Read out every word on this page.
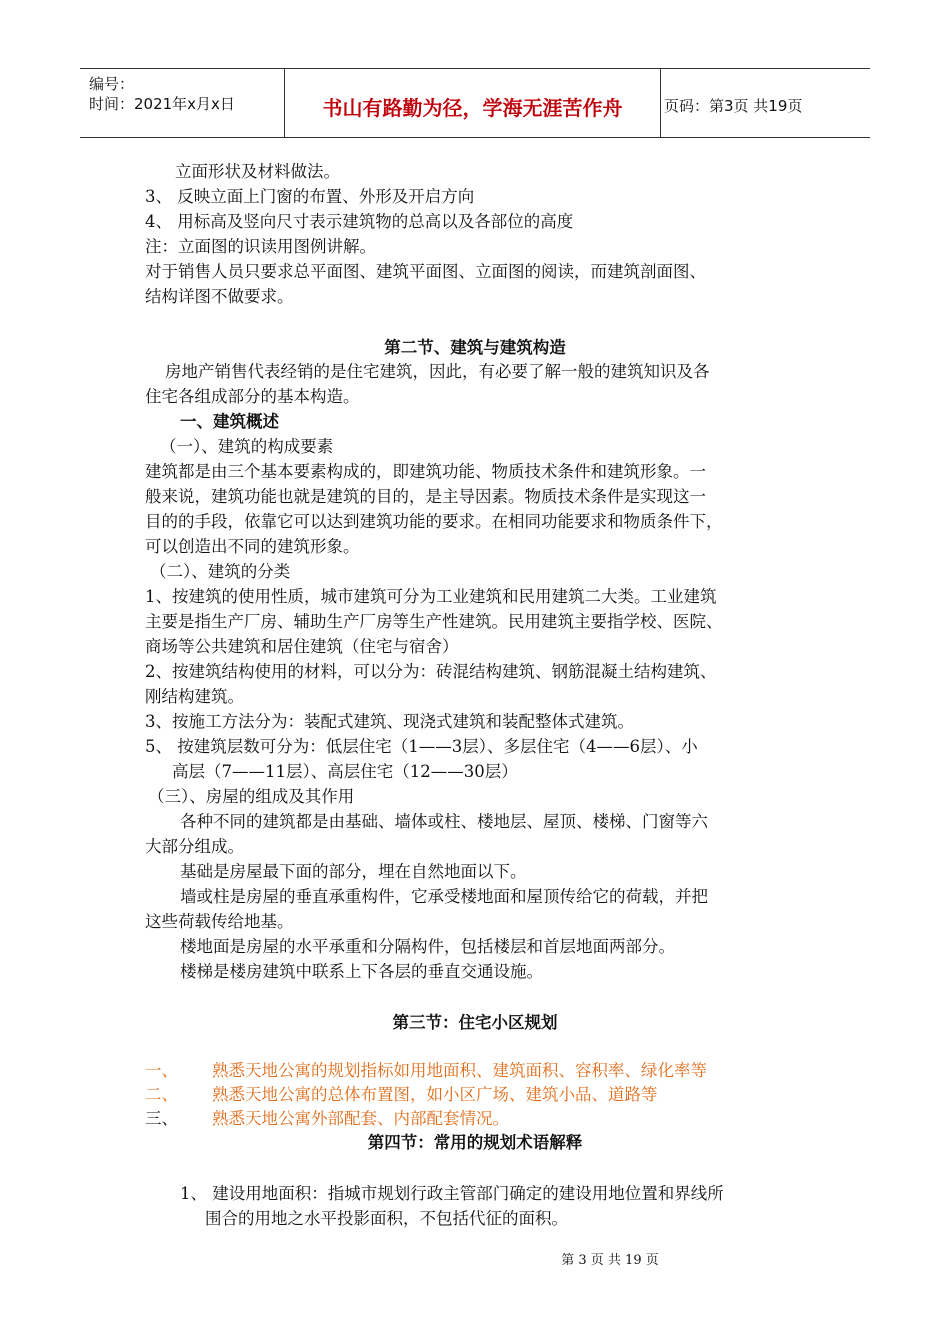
编号：
时间：2021年x月x日	书山有路勤为径，学海无涯苦作舟	页码：第3页 共19页
立面形状及材料做法。
3、 反映立面上门窗的布置、外形及开启方向
4、 用标高及竖向尺寸表示建筑物的总高以及各部位的高度
注：立面图的识读用图例讲解。
对于销售人员只要求总平面图、建筑平面图、立面图的阅读，而建筑剖面图、
结构详图不做要求。
第二节、建筑与建筑构造
房地产销售代表经销的是住宅建筑，因此，有必要了解一般的建筑知识及各
住宅各组成部分的基本构造。
一、建筑概述
（一）、建筑的构成要素
建筑都是由三个基本要素构成的，即建筑功能、物质技术条件和建筑形象。一
般来说，建筑功能也就是建筑的目的，是主导因素。物质技术条件是实现这一
目的的手段，依靠它可以达到建筑功能的要求。在相同功能要求和物质条件下，
可以创造出不同的建筑形象。
（二）、建筑的分类
1、按建筑的使用性质，城市建筑可分为工业建筑和民用建筑二大类。工业建筑
主要是指生产厂房、辅助生产厂房等生产性建筑。民用建筑主要指学校、医院、
商场等公共建筑和居住建筑（住宅与宿舍）
2、按建筑结构使用的材料，可以分为：砖混结构建筑、钢筋混凝土结构建筑、
刚结构建筑。
3、按施工方法分为：装配式建筑、现浇式建筑和装配整体式建筑。
5、 按建筑层数可分为：低层住宅（1——3层）、多层住宅（4——6层）、小
高层（7——11层）、高层住宅（12——30层）
（三）、房屋的组成及其作用
各种不同的建筑都是由基础、墙体或柱、楼地层、屋顶、楼梯、门窗等六
大部分组成。
基础是房屋最下面的部分，埋在自然地面以下。
墙或柱是房屋的垂直承重构件，它承受楼地面和屋顶传给它的荷载，并把
这些荷载传给地基。
楼地面是房屋的水平承重和分隔构件，包括楼层和首层地面两部分。
楼梯是楼房建筑中联系上下各层的垂直交通设施。
第三节：住宅小区规划
一、 熟悉天地公寓的规划指标如用地面积、建筑面积、容积率、绿化率等
二、 熟悉天地公寓的总体布置图，如小区广场、建筑小品、道路等
三、 熟悉天地公寓外部配套、内部配套情况。
第四节：常用的规划术语解释
1、 建设用地面积：指城市规划行政主管部门确定的建设用地位置和界线所
围合的用地之水平投影面积，不包括代征的面积。
第 3 页 共 19 页
